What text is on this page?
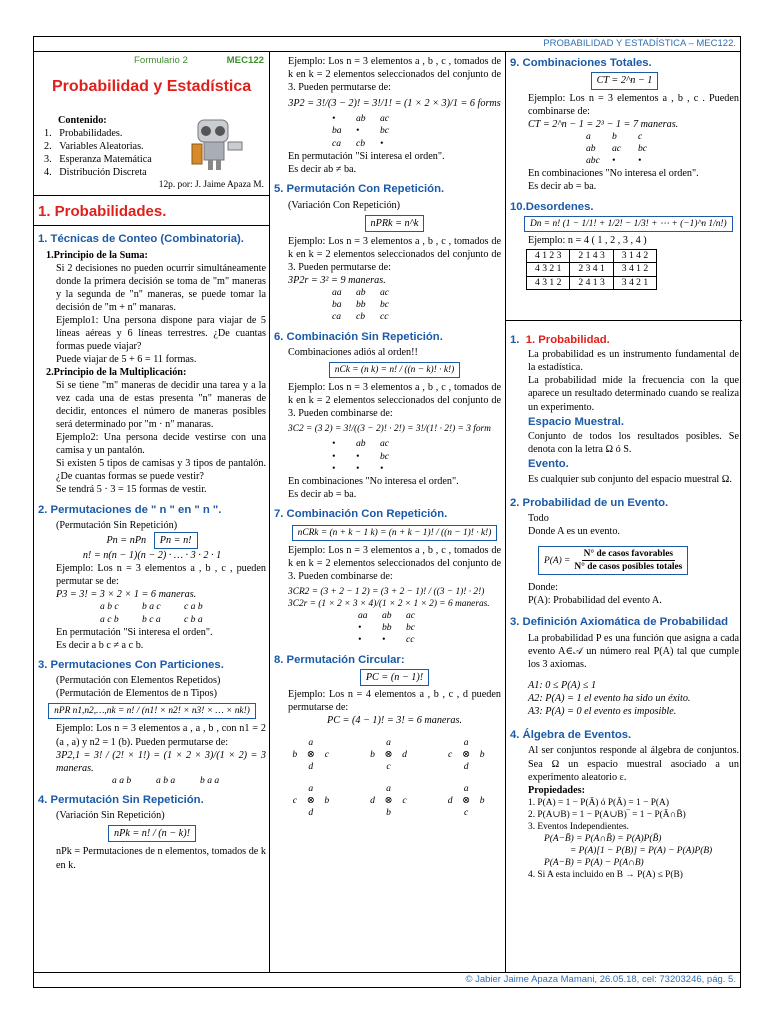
PROBABILIDAD Y ESTADÍSTICA – MEC122.
Formulario 2	MEC122
Probabilidad y Estadística
Contenido:
1.   Probabilidades.
2.   Variables Aleatorias.
3.   Esperanza Matemática
4.   Distribución Discreta
12p. por: J. Jaime Apaza M.
1. Probabilidades.
1. Técnicas de Conteo (Combinatoria).
1.Principio de la Suma:

Si 2 decisiones no pueden ocurrir simultáneamente donde la primera decisión se toma de "m" maneras y la segunda de "n" maneras, se puede tomar la decisión de "m + n" manaras.

Ejemplo1: Una persona dispone para viajar de 5 líneas aéreas y 6 líneas terrestres. ¿De cuantas formas puede viajar?

Puede viajar de 5 + 6 = 11 formas.

2.Principio de la Multiplicación:

Si se tiene "m" maneras de decidir una tarea y a la vez cada una de estas presenta "n" maneras de decidir, entonces el número de maneras posibles será determinado por "m · n" manaras.

Ejemplo2: Una persona decide vestirse con una camisa y un pantalón.

Si existen 5 tipos de camisas y 3 tipos de pantalón. ¿De cuantas formas se puede vestir?

Se tendrá 5 · 3 = 15 formas de vestir.

2. Permutaciones de " n " en " n ".
(Permutación Sin Repetición)
Pn = nPn Pn = n!
n! = n(n − 1)(n − 2) · … · 3 · 2 · 1

Ejemplo: Los n = 3 elementos a , b , c , pueden permutar se de:

P3 = 3! = 3 × 2 × 1 = 6 maneras.

a b c	b a c	c a b
a c b	b c a	c b a

En permutación "Si interesa el orden".

Es decir a b c ≠ a c b.

3. Permutaciones Con Particiones.
(Permutación con Elementos Repetidos)
(Permutación de Elementos de n Tipos)
nPR n1,n2,…,nk = n! / (n1! × n2! × n3! × … × nk!)

Ejemplo: Los n = 3 elementos a , a , b , con n1 = 2 (a , a) y n2 = 1 (b). Pueden permutarse de:

3P2,1 = 3! / (2! × 1!) = (1 × 2 × 3)/(1 × 2) = 3 maneras.

a a b	a b a	b a a
4. Permutación Sin Repetición.
(Variación Sin Repetición)
nPk = n! / (n − k)!

nPk = Permutaciones de n elementos, tomados de k en k.

Ejemplo: Los n = 3 elementos a , b , c , tomados de k en k = 2 elementos seleccionados del conjunto de 3. Pueden permutarse de:

3P2 = 3!/(3 − 2)! = 3!/1! = (1 × 2 × 3)/1 = 6 forms

•	ab	ac
ba	•	bc
ca	cb	•

En permutación "Si interesa el orden".

Es decir ab ≠ ba.

5. Permutación Con Repetición.
(Variación Con Repetición)
nPRk = n^k

Ejemplo: Los n = 3 elementos a , b , c , tomados de k en k = 2 elementos seleccionados del conjunto de 3. Pueden permutarse de:

3P2r = 3² = 9 maneras.

aa	ab	ac
ba	bb	bc
ca	cb	cc
6. Combinación Sin Repetición.
Combinaciones adiós al orden!!
nCk = (n k) = n! / ((n − k)! · k!)

Ejemplo: Los n = 3 elementos a , b , c , tomados de k en k = 2 elementos seleccionados del conjunto de 3. Pueden combinarse de:

3C2 = (3 2) = 3!/((3 − 2)! · 2!) = 3!/(1! · 2!) = 3 form

•	ab	ac
•	•	bc
•	•	•

En combinaciones "No interesa el orden".

Es decir ab = ba.

7. Combinación Con Repetición.
nCRk = (n + k − 1 k) = (n + k − 1)! / ((n − 1)! · k!)

Ejemplo: Los n = 3 elementos a , b , c , tomados de k en k = 2 elementos seleccionados del conjunto de 3. Pueden combinarse de:

3CR2 = (3 + 2 − 1 2) = (3 + 2 − 1)! / ((3 − 1)! · 2!)

3C2r = (1 × 2 × 3 × 4)/(1 × 2 × 1 × 2) = 6 maneras.

aa	ab	ac
•	bb	bc
•	•	cc
8. Permutación Circular:
PC = (n − 1)!

Ejemplo: Los n = 4 elementos a , b , c , d pueden permutarse de:

PC = (4 − 1)! = 3! = 6 maneras.

a
b ⊗	c
d
a
b ⊗ d
c
a
c	⊗ b
d
a
c	⊗ b
d
a
d ⊗	c
b
a
d ⊗ b
c
9. Combinaciones Totales.
CT = 2^n − 1

Ejemplo: Los n = 3 elementos a , b , c . Pueden combinarse de:

CT = 2^n − 1 = 2³ − 1 = 7 maneras.

a	b	c
ab	ac	bc
abc	•	•

En combinaciones "No interesa el orden".

Es decir ab = ba.

10.Desordenes.
Dn = n! (1 − 1/1! + 1/2! − 1/3! + ⋯ + (−1)^n 1/n!)

Ejemplo: n = 4 ( 1 , 2 , 3 , 4 )

4 1 2 3	2 1 4 3	3 1 4 2
4 3 2 1	2 3 4 1	3 4 1 2
4 3 1 2	2 4 1 3	3 4 2 1
1.  1. Probabilidad.

La probabilidad es un instrumento fundamental de la estadística.

La probabilidad mide la frecuencia con la que aparece un resultado determinado cuando se realiza un experimento.

Espacio Muestral.

Conjunto de todos los resultados posibles. Se denota con la letra Ω ó S.

Evento.

Es cualquier sub conjunto del espacio muestral Ω.

2. Probabilidad de un Evento.

Todo

Donde A es un evento.

P(A) =
N° de casos favorables
N° de casos posibles totales

Donde:

P(A): Probabilidad del evento A.

3. Definición Axiomática de Probabilidad

La probabilidad P es una función que asigna a cada evento A∈𝒜 un número real P(A) tal que cumple los 3 axiomas.

A1: 0 ≤ P(A) ≤ 1

A2: P(A) = 1 el evento ha sido un éxito.

A3: P(A) = 0 el evento es imposible.

4. Álgebra de Eventos.

Al ser conjuntos responde al álgebra de conjuntos. Sea Ω un espacio muestral asociado a un experimento aleatorio ε.

Propiedades:

1. P(A) = 1 − P(Ā) ó P(Ā) = 1 − P(A)

2. P(A∪B) = 1 − P(A∪B)‾ = 1 − P(Ā∩B̄)

3. Eventos Independientes.

P(A−B̄) = P(A∩B̄) = P(A)P(B̄)

= P(A)[1 − P(B)] = P(A) − P(A)P(B)

P(A−B) = P(A) − P(A∩B)

4. Si A esta incluido en B → P(A) ≤ P(B)

© Jabier Jaime Apaza Mamani, 26.05.18, cel: 73203246, pág. 5.
